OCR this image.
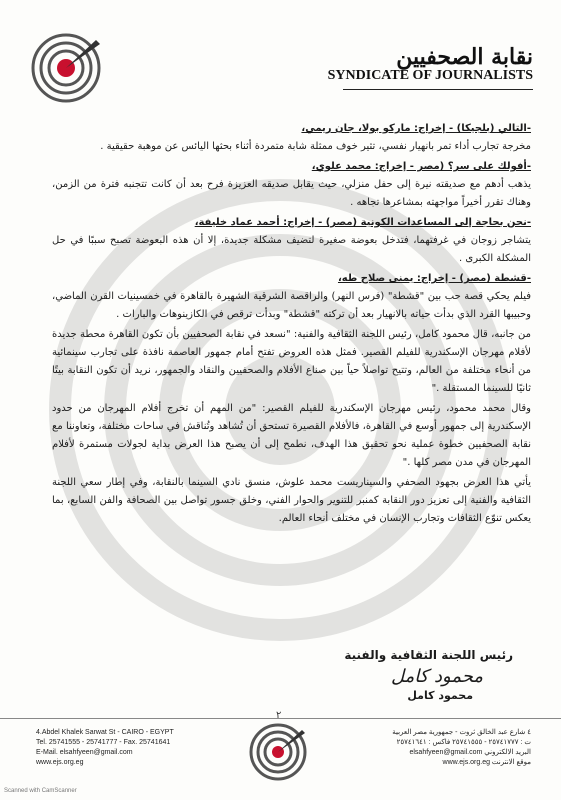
نقابة الصحفيين
SYNDICATE OF JOURNALISTS

-التالي (بلجيكا) - إخراج: ماركو بولا، جان ريمي،
مخرجة تجارب أداء تمر بانهيار نفسي، تثير خوف ممثلة شابة متمردة أثناء بحثها اليائس عن موهبة حقيقية .

-أفولك على سر؟ (مصر - إخراج: محمد علوي،
يذهب أدهم مع صديقته نيرة إلى حفل منزلي، حيث يقابل صديقه العزيزة فرح بعد أن كانت تتجنبه فترة من الزمن، وهناك تقرر أخيراً مواجهته بمشاعرها تجاهه .

-نحن بحاجة إلى المساعدات الكونية (مصر) - إخراج: أحمد عماد خليفة،
يتشاجر زوجان في غرفتهما، فتدخل بعوضة صغيرة لتضيف مشكلة جديدة، إلا أن هذه البعوضة تصبح سببًا في حل المشكلة الكبرى .

-قشطة (مصر) - إخراج: يمنى صلاح طه،
فيلم يحكي قصة حب بين "قشطة" (فرس النهر) والراقصة الشرقية الشهيرة بالقاهرة في خمسينيات القرن الماضي، وحبيبها القرد الذي بدأت حياته بالانهيار بعد أن تركته "قشطة" وبدأت ترقص في الكازينوهات والبارات .

من جانبه، قال محمود كامل، رئيس اللجنة الثقافية والفنية: "نسعد في نقابة الصحفيين بأن تكون القاهرة محطة جديدة لأفلام مهرجان الإسكندرية للفيلم القصير. فمثل هذه العروض تفتح أمام جمهور العاصمة نافذة على تجارب سينمائية من أنحاء مختلفة من العالم، وتتيح تواصلاً حياً بين صناع الأفلام والصحفيين والنقاد والجمهور، نريد أن تكون النقابة بيتًا ثانيًا للسينما المستقلة ."

وقال محمد محمود، رئيس مهرجان الإسكندرية للفيلم القصير: "من المهم أن تخرج أفلام المهرجان من حدود الإسكندرية إلى جمهور أوسع في القاهرة، فالأفلام القصيرة تستحق أن تُشاهد وتُناقش في ساحات مختلفة، وتعاوننا مع نقابة الصحفيين خطوة عملية نحو تحقيق هذا الهدف، نطمح إلى أن يصبح هذا العرض بداية لجولات مستمرة لأفلام المهرجان في مدن مصر كلها ."

يأتي هذا العرض بجهود الصحفي والسيناريست محمد علوش، منسق نادي السينما بالنقابة، وفي إطار سعي اللجنة الثقافية والفنية إلى تعزيز دور النقابة كمنبر للتنوير والحوار الفني، وخلق جسور تواصل بين الصحافة والفن السابع، بما يعكس تنوّع الثقافات وتجارب الإنسان في مختلف أنحاء العالم.

رئيس اللجنة الثقافية والفنية
محمود كامل
محمود كامل
٢
4.Abdel Khalek Sarwat St - CAIRO - EGYPT
Tel. 25741555 - 25741777 - Fax. 25741641
E-Mail. elsahfyeen@gmail.com
www.ejs.org.eg
٤ شارع عبد الخالق ثروت - جمهورية مصر العربية
ت : ٢٥٧٤١٧٧٧ - ٢٥٧٤١٥٥٥ فاكس : ٢٥٧٤١٦٤١
البريد الالكتروني elsahfyeen@gmail.com
موقع الانترنت www.ejs.org.eg
Scanned with CamScanner
